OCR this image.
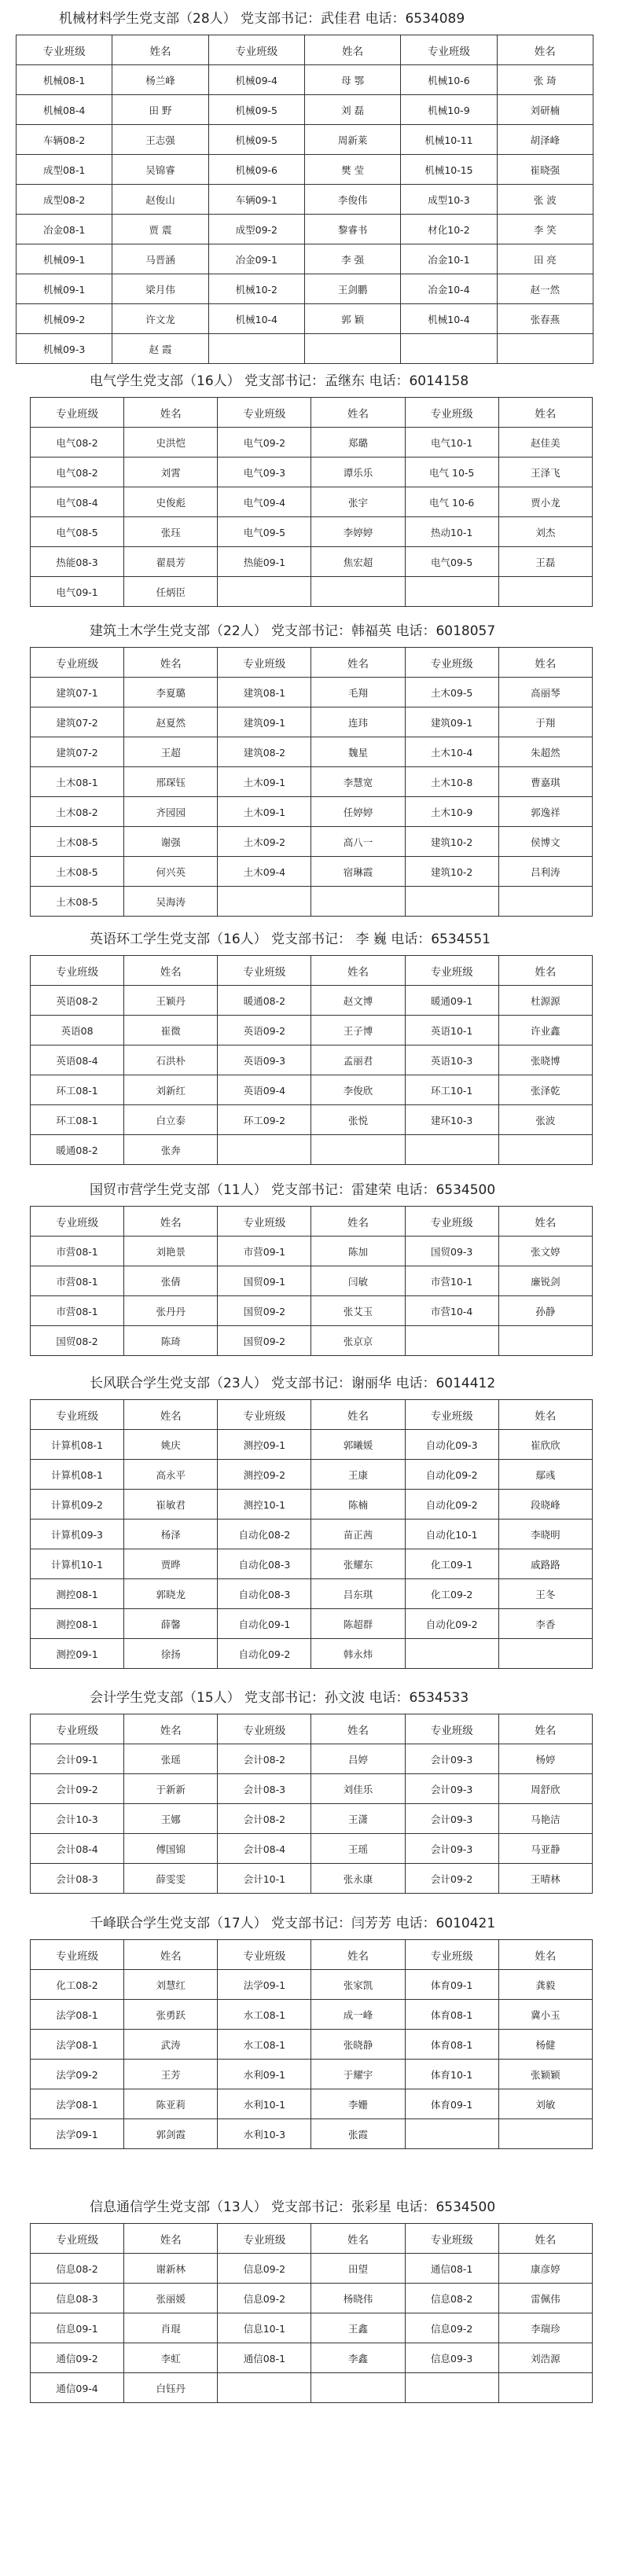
机械材料学生党支部（28人） 党支部书记：武佳君 电话：6534089
专业班级	姓名	专业班级	姓名	专业班级	姓名
机械08-1	杨兰峰	机械09-4	母 鄂	机械10-6	张 琦
机械08-4	田 野	机械09-5	刘 磊	机械10-9	刘研楠
车辆08-2	王志强	机械09-5	周新莱	机械10-11	胡泽峰
成型08-1	吴锦睿	机械09-6	樊 莹	机械10-15	崔晓强
成型08-2	赵俊山	车辆09-1	李俊伟	成型10-3	张 波
冶金08-1	贾 震	成型09-2	黎睿书	材化10-2	李 笑
机械09-1	马晋涵	冶金09-1	李 强	冶金10-1	田 亮
机械09-1	梁月伟	机械10-2	王剑鹏	冶金10-4	赵一然
机械09-2	许文龙	机械10-4	郭 颖	机械10-4	张春燕
机械09-3	赵 霞				
电气学生党支部（16人） 党支部书记：孟继东 电话：6014158
专业班级	姓名	专业班级	姓名	专业班级	姓名
电气08-2	史洪恺	电气09-2	郑璐	电气10-1	赵佳美
电气08-2	刘霄	电气09-3	谭乐乐	电气 10-5	王泽飞
电气08-4	史俊彪	电气09-4	张宇	电气 10-6	贾小龙
电气08-5	张珏	电气09-5	李婷婷	热动10-1	刘杰
热能08-3	翟晨芳	热能09-1	焦宏超	电气09-5	王磊
电气09-1	任炳臣				
建筑土木学生党支部（22人） 党支部书记：韩福英 电话：6018057
专业班级	姓名	专业班级	姓名	专业班级	姓名
建筑07-1	李夏璐	建筑08-1	毛翔	土木09-5	高丽琴
建筑07-2	赵夏然	建筑09-1	连玮	建筑09-1	于翔
建筑07-2	王超	建筑08-2	魏星	土木10-4	朱超然
土木08-1	邢琛钰	土木09-1	李慧宽	土木10-8	曹嘉琪
土木08-2	齐园园	土木09-1	任婷婷	土木10-9	郭逸祥
土木08-5	谢强	土木09-2	高八一	建筑10-2	侯博文
土木08-5	何兴英	土木09-4	宿琳霞	建筑10-2	吕利涛
土木08-5	吴海涛				
英语环工学生党支部（16人） 党支部书记： 李 巍 电话：6534551
专业班级	姓名	专业班级	姓名	专业班级	姓名
英语08-2	王颖丹	暖通08-2	赵文博	暖通09-1	杜源源
英语08	崔微	英语09-2	王子博	英语10-1	许业鑫
英语08-4	石洪朴	英语09-3	孟丽君	英语10-3	张晓博
环工08-1	刘新红	英语09-4	李俊欣	环工10-1	张泽乾
环工08-1	白立泰	环工09-2	张悦	建环10-3	张波
暖通08-2	张奔				
国贸市营学生党支部（11人） 党支部书记：雷建荣 电话：6534500
专业班级	姓名	专业班级	姓名	专业班级	姓名
市营08-1	刘艳景	市营09-1	陈加	国贸09-3	张文婷
市营08-1	张倩	国贸09-1	闫敏	市营10-1	廉锐剑
市营08-1	张丹丹	国贸09-2	张艾玉	市营10-4	孙静
国贸08-2	陈琦	国贸09-2	张京京		
长风联合学生党支部（23人） 党支部书记：谢丽华 电话：6014412
专业班级	姓名	专业班级	姓名	专业班级	姓名
计算机08-1	姚庆	测控09-1	郭曦媛	自动化09-3	崔欣欣
计算机08-1	高永平	测控09-2	王康	自动化09-2	鄢彧
计算机09-2	崔敏君	测控10-1	陈楠	自动化09-2	段晓峰
计算机09-3	杨泽	自动化08-2	苗正茜	自动化10-1	李晓明
计算机10-1	贾晔	自动化08-3	张耀东	化工09-1	戚路路
测控08-1	郭晓龙	自动化08-3	吕东琪	化工09-2	王冬
测控08-1	薛馨	自动化09-1	陈超群	自动化09-2	李香
测控09-1	徐扬	自动化09-2	韩永炜		
会计学生党支部（15人） 党支部书记：孙文波 电话：6534533
专业班级	姓名	专业班级	姓名	专业班级	姓名
会计09-1	张瑶	会计08-2	吕婷	会计09-3	杨婷
会计09-2	于新新	会计08-3	刘佳乐	会计09-3	周舒欣
会计10-3	王娜	会计08-2	王潇	会计09-3	马艳洁
会计08-4	傅国锦	会计08-4	王瑶	会计09-3	马亚静
会计08-3	薛雯雯	会计10-1	张永康	会计09-2	王晴林
千峰联合学生党支部（17人） 党支部书记：闫芳芳 电话：6010421
专业班级	姓名	专业班级	姓名	专业班级	姓名
化工08-2	刘慧红	法学09-1	张家凯	体育09-1	龚毅
法学08-1	张勇跃	水工08-1	成一峰	体育08-1	冀小玉
法学08-1	武涛	水工08-1	张晓静	体育08-1	杨健
法学09-2	王芳	水利09-1	于耀宇	体育10-1	张颖颖
法学08-1	陈亚莉	水利10-1	李姗	体育09-1	刘敏
法学09-1	郭剑霞	水利10-3	张霞		
信息通信学生党支部（13人） 党支部书记：张彩星 电话：6534500
专业班级	姓名	专业班级	姓名	专业班级	姓名
信息08-2	谢新林	信息09-2	田望	通信08-1	康彦婷
信息08-3	张丽媛	信息09-2	杨晓伟	信息08-2	雷佩伟
信息09-1	肖琨	信息10-1	王鑫	信息09-2	李瑞珍
通信09-2	李虹	通信08-1	李鑫	信息09-3	刘浩源
通信09-4	白钰丹				
